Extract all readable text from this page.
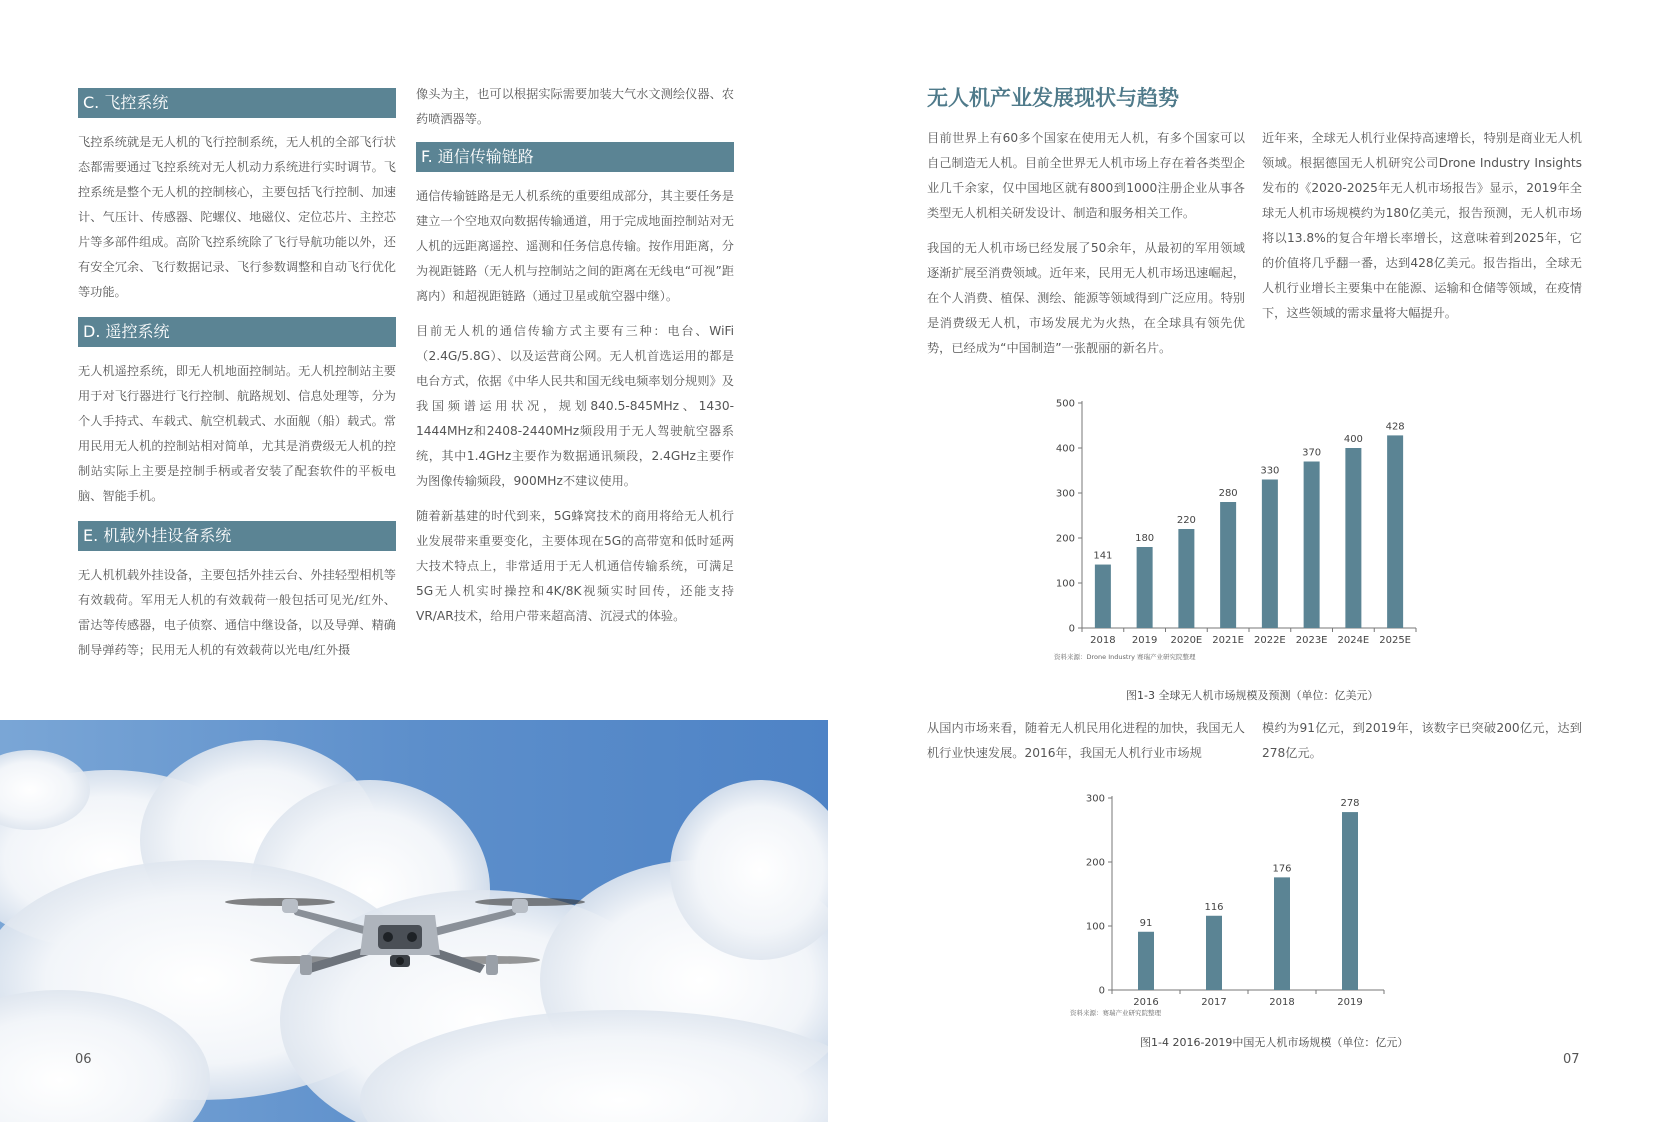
C. 飞控系统

飞控系统就是无人机的飞行控制系统，无人机的全部飞行状态都需要通过飞控系统对无人机动力系统进行实时调节。飞控系统是整个无人机的控制核心，主要包括飞行控制、加速计、气压计、传感器、陀螺仪、地磁仪、定位芯片、主控芯片等多部件组成。高阶飞控系统除了飞行导航功能以外，还有安全冗余、飞行数据记录、飞行参数调整和自动飞行优化等功能。

D. 遥控系统

无人机遥控系统，即无人机地面控制站。无人机控制站主要用于对飞行器进行飞行控制、航路规划、信息处理等，分为个人手持式、车载式、航空机载式、水面舰（船）载式。常用民用无人机的控制站相对简单，尤其是消费级无人机的控制站实际上主要是控制手柄或者安装了配套软件的平板电脑、智能手机。

E. 机载外挂设备系统

无人机机载外挂设备，主要包括外挂云台、外挂轻型相机等有效载荷。军用无人机的有效载荷一般包括可见光/红外、雷达等传感器，电子侦察、通信中继设备，以及导弹、精确制导弹药等；民用无人机的有效载荷以光电/红外摄

像头为主，也可以根据实际需要加装大气水文测绘仪器、农药喷洒器等。

F. 通信传输链路

通信传输链路是无人机系统的重要组成部分，其主要任务是建立一个空地双向数据传输通道，用于完成地面控制站对无人机的远距离遥控、遥测和任务信息传输。按作用距离，分为视距链路（无人机与控制站之间的距离在无线电“可视”距离内）和超视距链路（通过卫星或航空器中继）。

目前无人机的通信传输方式主要有三种：电台、WiFi（2.4G/5.8G）、以及运营商公网。无人机首选运用的都是电台方式，依据《中华人民共和国无线电频率划分规则》及我国频谱运用状况，规划840.5-845MHz、1430-1444MHz和2408-2440MHz频段用于无人驾驶航空器系统，其中1.4GHz主要作为数据通讯频段，2.4GHz主要作为图像传输频段，900MHz不建议使用。

随着新基建的时代到来，5G蜂窝技术的商用将给无人机行业发展带来重要变化，主要体现在5G的高带宽和低时延两大技术特点上，非常适用于无人机通信传输系统，可满足5G无人机实时操控和4K/8K视频实时回传，还能支持VR/AR技术，给用户带来超高清、沉浸式的体验。

06
无人机产业发展现状与趋势

目前世界上有60多个国家在使用无人机，有多个国家可以自己制造无人机。目前全世界无人机市场上存在着各类型企业几千余家，仅中国地区就有800到1000注册企业从事各类型无人机相关研发设计、制造和服务相关工作。

我国的无人机市场已经发展了50余年，从最初的军用领域逐渐扩展至消费领域。近年来，民用无人机市场迅速崛起，在个人消费、植保、测绘、能源等领域得到广泛应用。特别是消费级无人机，市场发展尤为火热，在全球具有领先优势，已经成为“中国制造”一张靓丽的新名片。

近年来，全球无人机行业保持高速增长，特别是商业无人机领域。根据德国无人机研究公司Drone Industry Insights发布的《2020-2025年无人机市场报告》显示，2019年全球无人机市场规模约为180亿美元，报告预测，无人机市场将以13.8%的复合年增长率增长，这意味着到2025年，它的价值将几乎翻一番，达到428亿美元。报告指出，全球无人机行业增长主要集中在能源、运输和仓储等领域，在疫情下，这些领域的需求量将大幅提升。

0
100
200
300
400
500
141
2018
180
2019
220
2020E
280
2021E
330
2022E
370
2023E
400
2024E
428
2025E
资料来源：Drone Industry 赛瑞产业研究院整理
图1-3 全球无人机市场规模及预测（单位：亿美元）

从国内市场来看，随着无人机民用化进程的加快，我国无人机行业快速发展。2016年，我国无人机行业市场规

模约为91亿元，到2019年，该数字已突破200亿元，达到278亿元。

0
100
200
300
91
2016
116
2017
176
2018
278
2019
资料来源：赛瑞产业研究院整理
图1-4 2016-2019中国无人机市场规模（单位：亿元）
07
